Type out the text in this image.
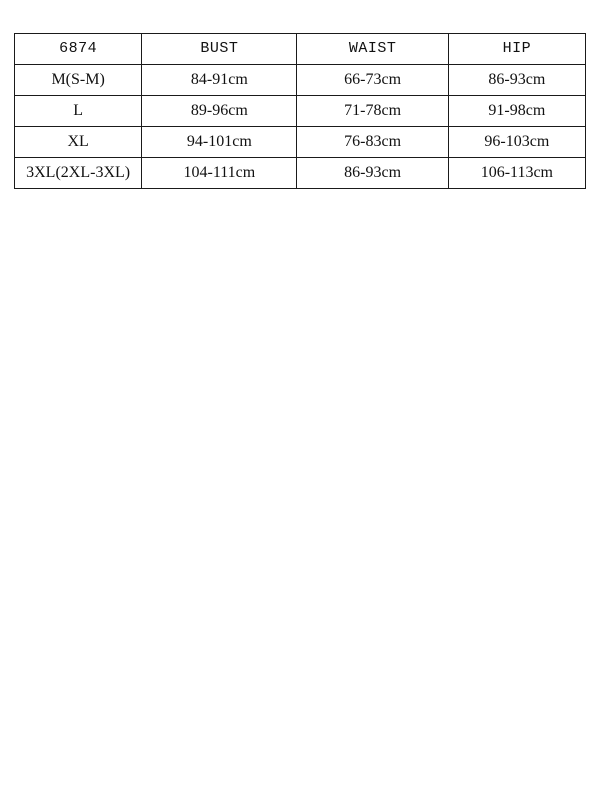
6874	BUST	WAIST	HIP
M(S-M)	84-91cm	66-73cm	86-93cm
L	89-96cm	71-78cm	91-98cm
XL	94-101cm	76-83cm	96-103cm
3XL(2XL-3XL)	104-111cm	86-93cm	106-113cm
